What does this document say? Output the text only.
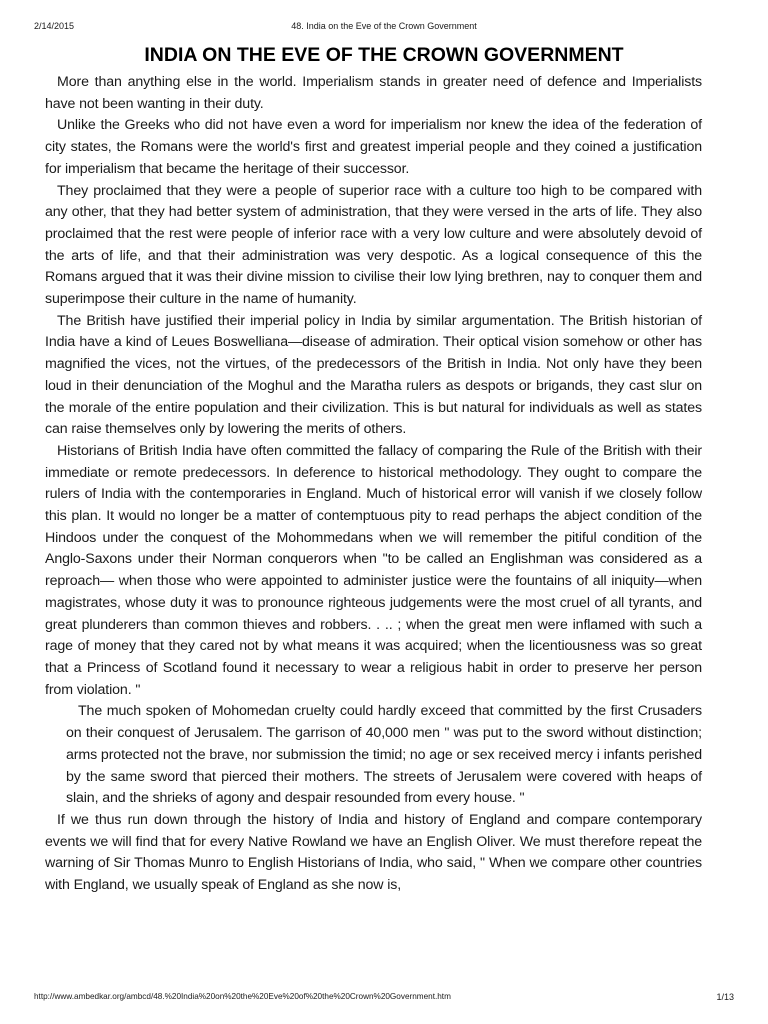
2/14/2015	48. India on the Eve of the Crown Government
INDIA ON THE EVE OF THE CROWN GOVERNMENT

More than anything else in the world. Imperialism stands in greater need of defence and Imperialists have not been wanting in their duty.

Unlike the Greeks who did not have even a word for imperialism nor knew the idea of the federation of city states, the Romans were the world's first and greatest imperial people and they coined a justification for imperialism that became the heritage of their successor.

They proclaimed that they were a people of superior race with a culture too high to be compared with any other, that they had better system of administration, that they were versed in the arts of life. They also proclaimed that the rest were people of inferior race with a very low culture and were absolutely devoid of the arts of life, and that their administration was very despotic. As a logical consequence of this the Romans argued that it was their divine mission to civilise their low lying brethren, nay to conquer them and superimpose their culture in the name of humanity.

The British have justified their imperial policy in India by similar argumentation. The British historian of India have a kind of Leues Boswelliana—disease of admiration. Their optical vision somehow or other has magnified the vices, not the virtues, of the predecessors of the British in India. Not only have they been loud in their denunciation of the Moghul and the Maratha rulers as despots or brigands, they cast slur on the morale of the entire population and their civilization. This is but natural for individuals as well as states can raise themselves only by lowering the merits of others.

Historians of British India have often committed the fallacy of comparing the Rule of the British with their immediate or remote predecessors. In deference to historical methodology. They ought to compare the rulers of India with the contemporaries in England. Much of historical error will vanish if we closely follow this plan. It would no longer be a matter of contemptuous pity to read perhaps the abject condition of the Hindoos under the conquest of the Mohommedans when we will remember the pitiful condition of the Anglo-Saxons under their Norman conquerors when "to be called an Englishman was considered as a reproach— when those who were appointed to administer justice were the fountains of all iniquity—when magistrates, whose duty it was to pronounce righteous judgements were the most cruel of all tyrants, and great plunderers than common thieves and robbers. . .. ; when the great men were inflamed with such a rage of money that they cared not by what means it was acquired; when the licentiousness was so great that a Princess of Scotland found it necessary to wear a religious habit in order to preserve her person from violation. "

The much spoken of Mohomedan cruelty could hardly exceed that committed by the first Crusaders on their conquest of Jerusalem. The garrison of 40,000 men " was put to the sword without distinction; arms protected not the brave, nor submission the timid; no age or sex received mercy i infants perished by the same sword that pierced their mothers. The streets of Jerusalem were covered with heaps of slain, and the shrieks of agony and despair resounded from every house. "

If we thus run down through the history of India and history of England and compare contemporary events we will find that for every Native Rowland we have an English Oliver. We must therefore repeat the warning of Sir Thomas Munro to English Historians of India, who said, " When we compare other countries with England, we usually speak of England as she now is,

http://www.ambedkar.org/ambcd/48.%20India%20on%20the%20Eve%20of%20the%20Crown%20Government.htm	1/13
